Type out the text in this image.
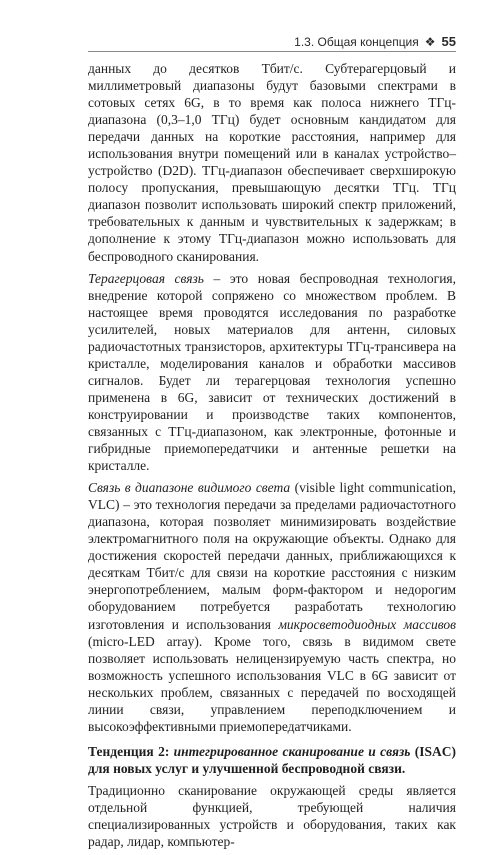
1.3. Общая концепция ❖ 55

данных до десятков Тбит/с. Субтерагерцовый и миллиметровый диапазоны будут базовыми спектрами в сотовых сетях 6G, в то время как полоса нижнего ТГц-диапазона (0,3–1,0 ТГц) будет основным кандидатом для передачи данных на короткие расстояния, например для использования внутри помещений или в каналах устройство–устройство (D2D). ТГц-диапазон обеспечивает сверхширокую полосу пропускания, превышающую десятки ТГц. ТГц диапазон позволит использовать широкий спектр приложений, требовательных к данным и чувствительных к задержкам; в дополнение к этому ТГц-диапазон можно использовать для беспроводного сканирования.

Терагерцовая связь – это новая беспроводная технология, внедрение которой сопряжено со множеством проблем. В настоящее время проводятся исследования по разработке усилителей, новых материалов для антенн, силовых радиочастотных транзисторов, архитектуры ТГц-трансивера на кристалле, моделирования каналов и обработки массивов сигналов. Будет ли терагерцовая технология успешно применена в 6G, зависит от технических достижений в конструировании и производстве таких компонентов, связанных с ТГц-диапазоном, как электронные, фотонные и гибридные приемопередатчики и антенные решетки на кристалле.

Связь в диапазоне видимого света (visible light communication, VLC) – это технология передачи за пределами радиочастотного диапазона, которая позволяет минимизировать воздействие электромагнитного поля на окружающие объекты. Однако для достижения скоростей передачи данных, приближающихся к десяткам Тбит/с для связи на короткие расстояния с низким энергопотреблением, малым форм-фактором и недорогим оборудованием потребуется разработать технологию изготовления и использования микросветодиодных массивов (micro-LED array). Кроме того, связь в видимом свете позволяет использовать нелицензируемую часть спектра, но возможность успешного использования VLC в 6G зависит от нескольких проблем, связанных с передачей по восходящей линии связи, управлением переподключением и высокоэффективными приемопередатчиками.

Тенденция 2: интегрированное сканирование и связь (ISAC) для новых услуг и улучшенной беспроводной связи.

Традиционно сканирование окружающей среды является отдельной функцией, требующей наличия специализированных устройств и оборудования, таких как радар, лидар, компьютер-
